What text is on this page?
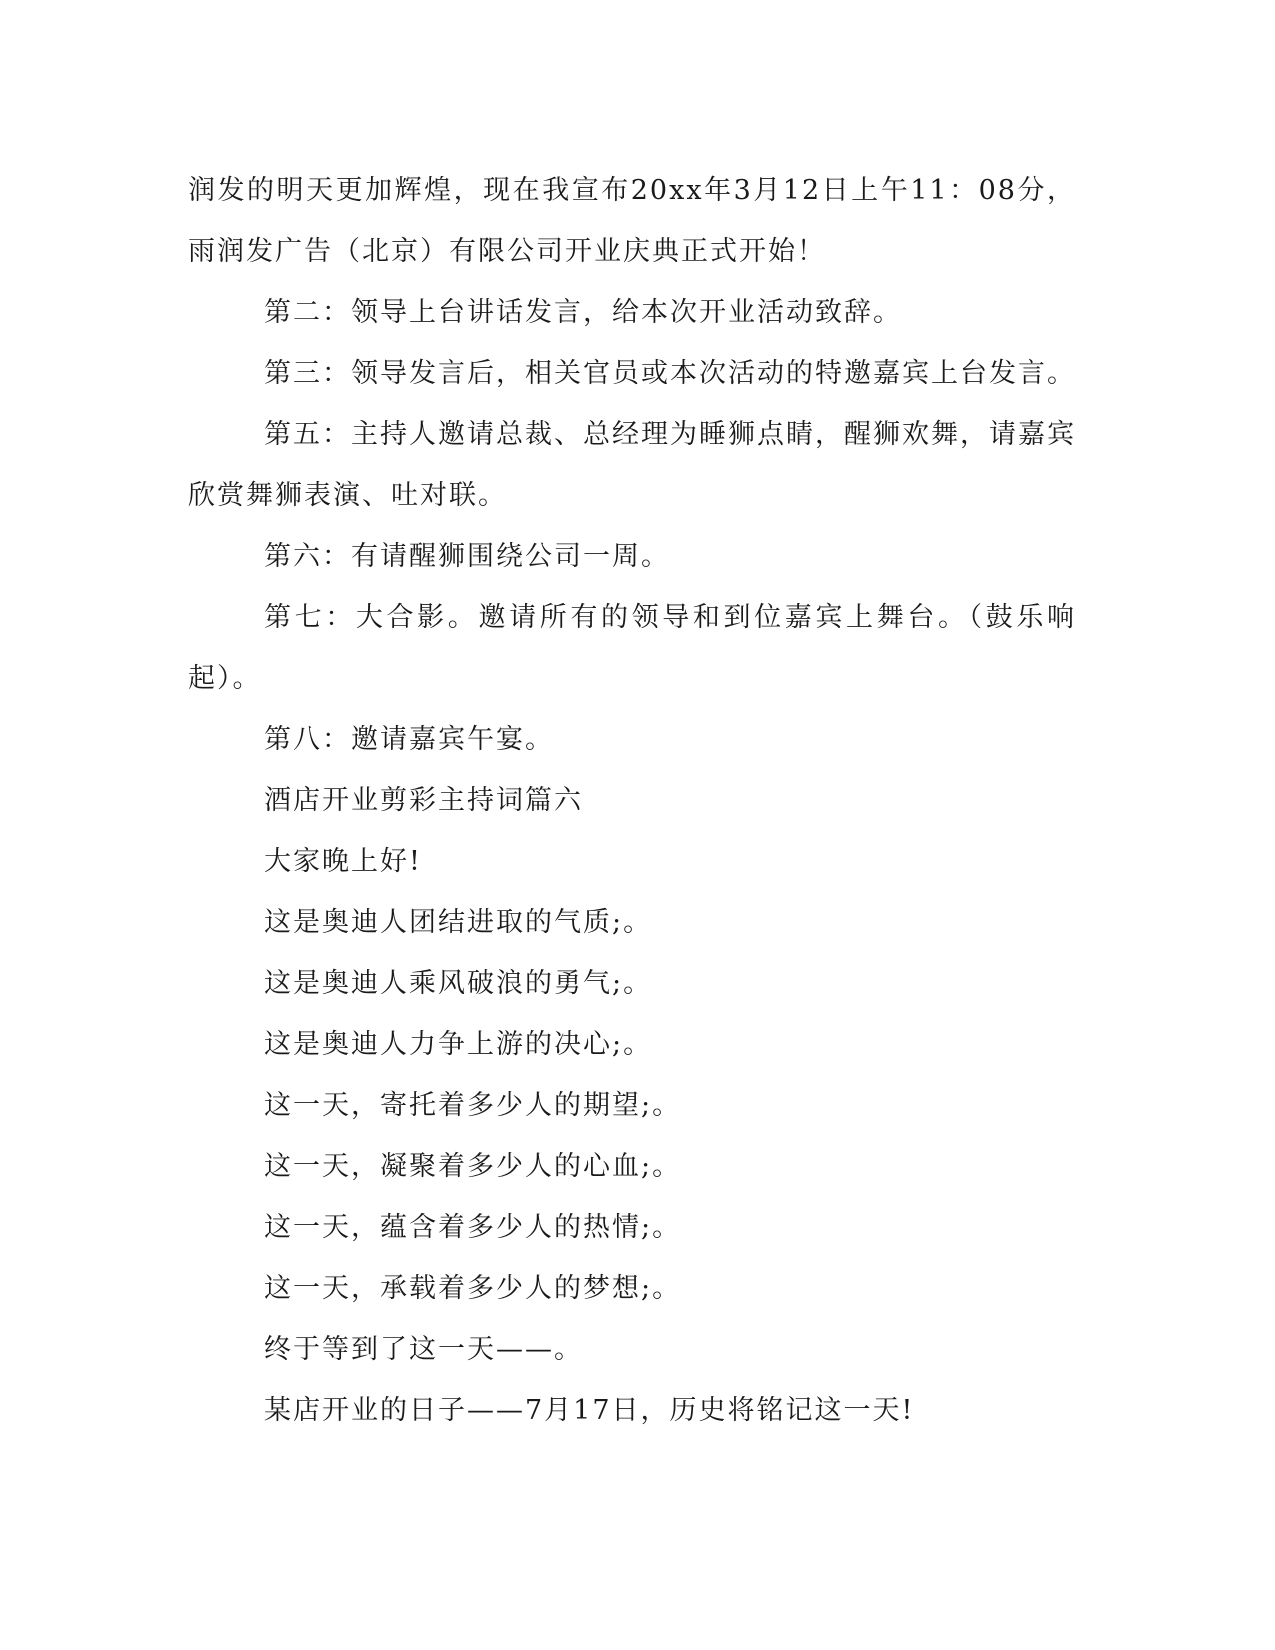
润发的明天更加辉煌，现在我宣布20xx年3月12日上午11：08分，雨润发广告（北京）有限公司开业庆典正式开始！

第二：领导上台讲话发言，给本次开业活动致辞。

第三：领导发言后，相关官员或本次活动的特邀嘉宾上台发言。

第五：主持人邀请总裁、总经理为睡狮点睛，醒狮欢舞，请嘉宾欣赏舞狮表演、吐对联。

第六：有请醒狮围绕公司一周。

第七：大合影。邀请所有的领导和到位嘉宾上舞台。（鼓乐响起）。

第八：邀请嘉宾午宴。

酒店开业剪彩主持词篇六

大家晚上好!

这是奥迪人团结进取的气质;。

这是奥迪人乘风破浪的勇气;。

这是奥迪人力争上游的决心;。

这一天，寄托着多少人的期望;。

这一天，凝聚着多少人的心血;。

这一天，蕴含着多少人的热情;。

这一天，承载着多少人的梦想;。

终于等到了这一天——。

某店开业的日子——7月17日，历史将铭记这一天!
